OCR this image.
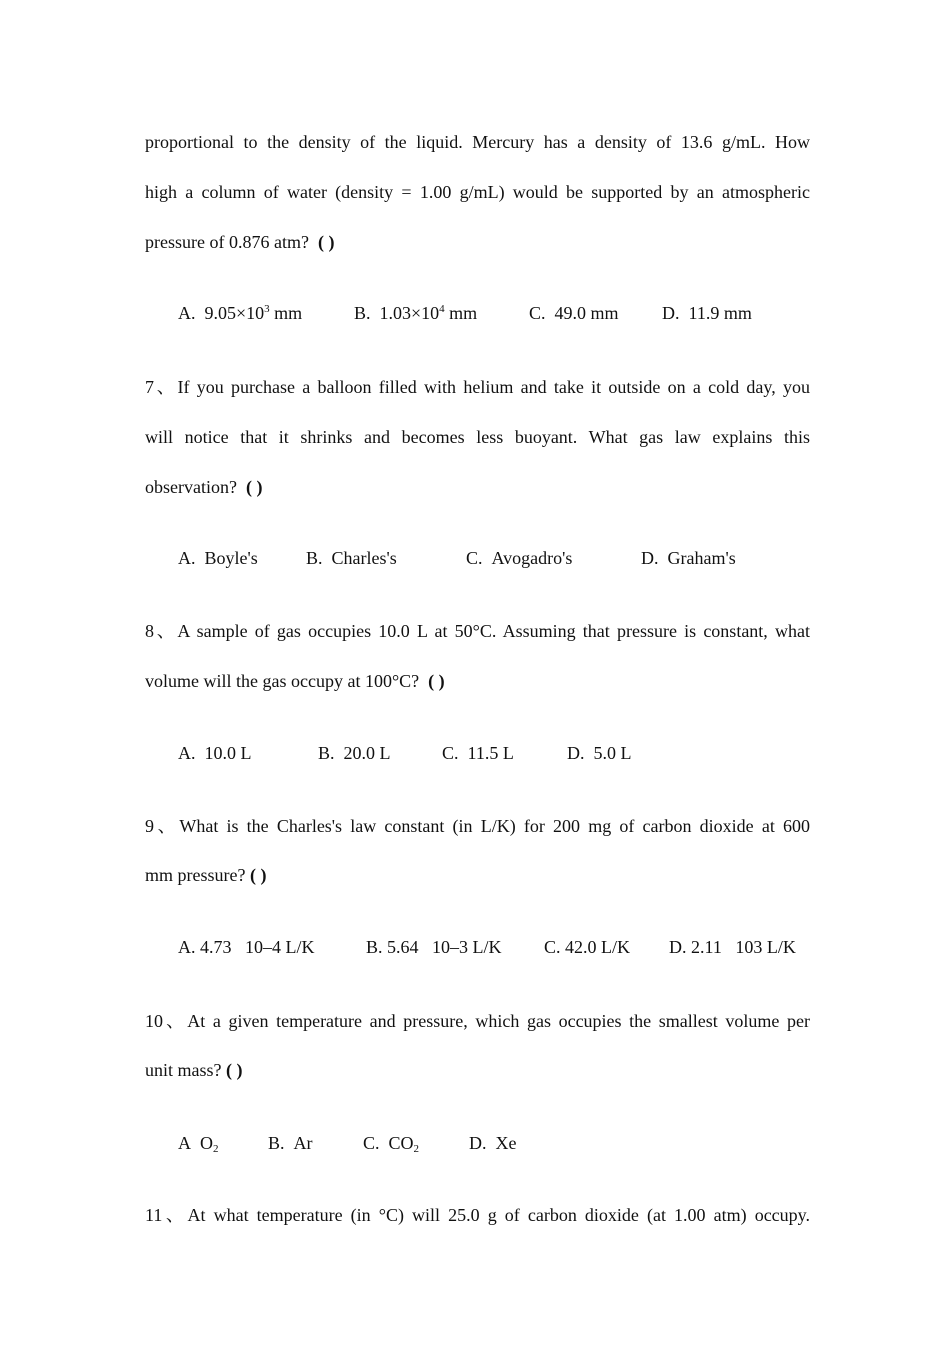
proportional to the density of the liquid. Mercury has a density of 13.6 g/mL. How
high a column of water (density = 1.00 g/mL) would be supported by an atmospheric
pressure of 0.876 atm? ( )
A. $9.05\times 10^3$ mm	B. $1.03\times 10^4$ mm	C. 49.0 mm D. 11.9 mm
7、If you purchase a balloon filled with helium and take it outside on a cold day, you
will notice that it shrinks and becomes less buoyant. What gas law explains this
observation? ( )
A. Boyle's	B. Charles's	C. Avogadro's	D. Graham's
8、A sample of gas occupies 10.0 L at 50°C. Assuming that pressure is constant, what
volume will the gas occupy at 100°C? ( )
A. 10.0 L	B. 20.0 L	C. 11.5 L	D. 5.0 L
9、What is the Charles's law constant (in L/K) for 200 mg of carbon dioxide at 600
mm pressure? ( )
A. 4.73   10–4 L/K	B. 5.64   10–3 L/K C. 42.0 L/K D. 2.11   103 L/K
10、At a given temperature and pressure, which gas occupies the smallest volume per
unit mass? ( )
A $O_2$	B. Ar	C. $CO_2$	D. Xe
11、At what temperature (in °C) will 25.0 g of carbon dioxide (at 1.00 atm) occupy.
